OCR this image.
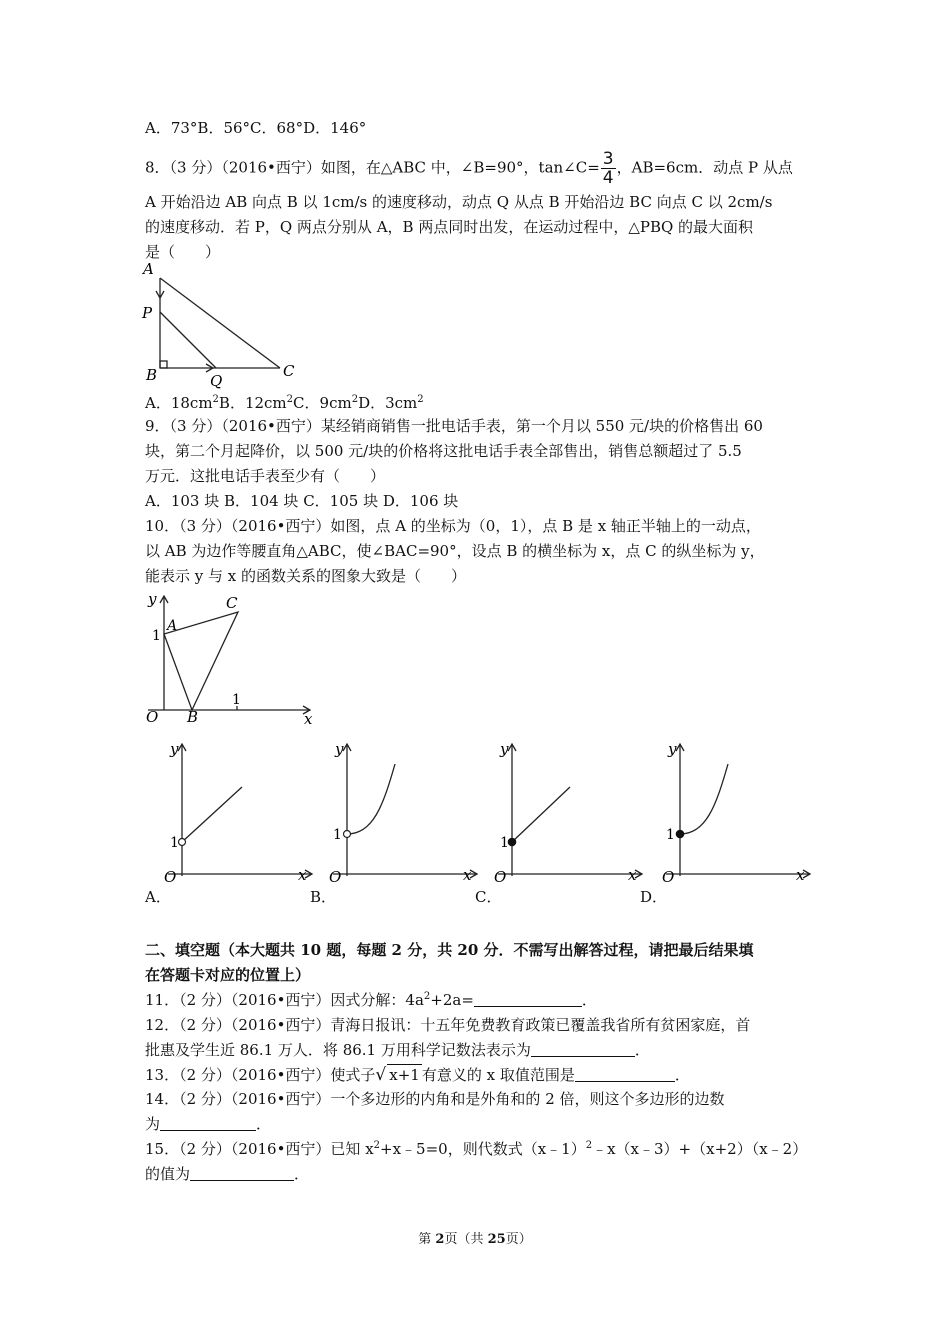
A．73°B．56°C．68°D．146°
8．（3 分）（2016•西宁）如图，在△ABC 中，∠B=90°，tan∠C= $\frac{3}{4}$ ，AB=6cm．动点 P 从点
A 开始沿边 AB 向点 B 以 1cm/s 的速度移动，动点 Q 从点 B 开始沿边 BC 向点 C 以 2cm/s
的速度移动．若 P，Q 两点分别从 A，B 两点同时出发，在运动过程中，△PBQ 的最大面积
是（　　）
A
P
B	Q
C
A．$18cm^2B$．$12cm^2C$．$9cm^2D$．$3cm^2$
9．（3 分）（2016•西宁）某经销商销售一批电话手表，第一个月以 550 元/块的价格售出 60
块，第二个月起降价，以 500 元/块的价格将这批电话手表全部售出，销售总额超过了 5.5
万元．这批电话手表至少有（　　）
A．103 块 B．104 块 C．105 块 D．106 块
10．（3 分）（2016•西宁）如图，点 A 的坐标为（0，1），点 B 是 x 轴正半轴上的一动点，
以 AB 为边作等腰直角△ABC，使∠BAC=90°，设点 B 的横坐标为 x，点 C 的纵坐标为 y，
能表示 y 与 x 的函数关系的图象大致是（　　）
y
x
O
A
B
C
1
1
y
x
O
1
A．
y
x
O
1
B．
y
x
O
1
C．
y
x
O
1
D．
二、填空题（本大题共 10 题，每题 2 分，共 20 分．不需写出解答过程，请把最后结果填
在答题卡对应的位置上）
11．（2 分）（2016•西宁）因式分解：$4a^2+2a=$	．
12．（2 分）（2016•西宁）青海日报讯：十五年免费教育政策已覆盖我省所有贫困家庭，首
批惠及学生近 86.1 万人．将 86.1 万用科学记数法表示为	．
13．（2 分）（2016•西宁）使式子√ x+1 有意义的 x 取值范围是	．
14．（2 分）（2016•西宁）一个多边形的内角和是外角和的 2 倍，则这个多边形的边数
为	．
15．（2 分）（2016•西宁）已知 $x^2+x﹣5=0$，则代数式（x﹣1）$^2$﹣x（x﹣3）+（x+2）（x﹣2）
的值为	．
第 2页（共 25页）
